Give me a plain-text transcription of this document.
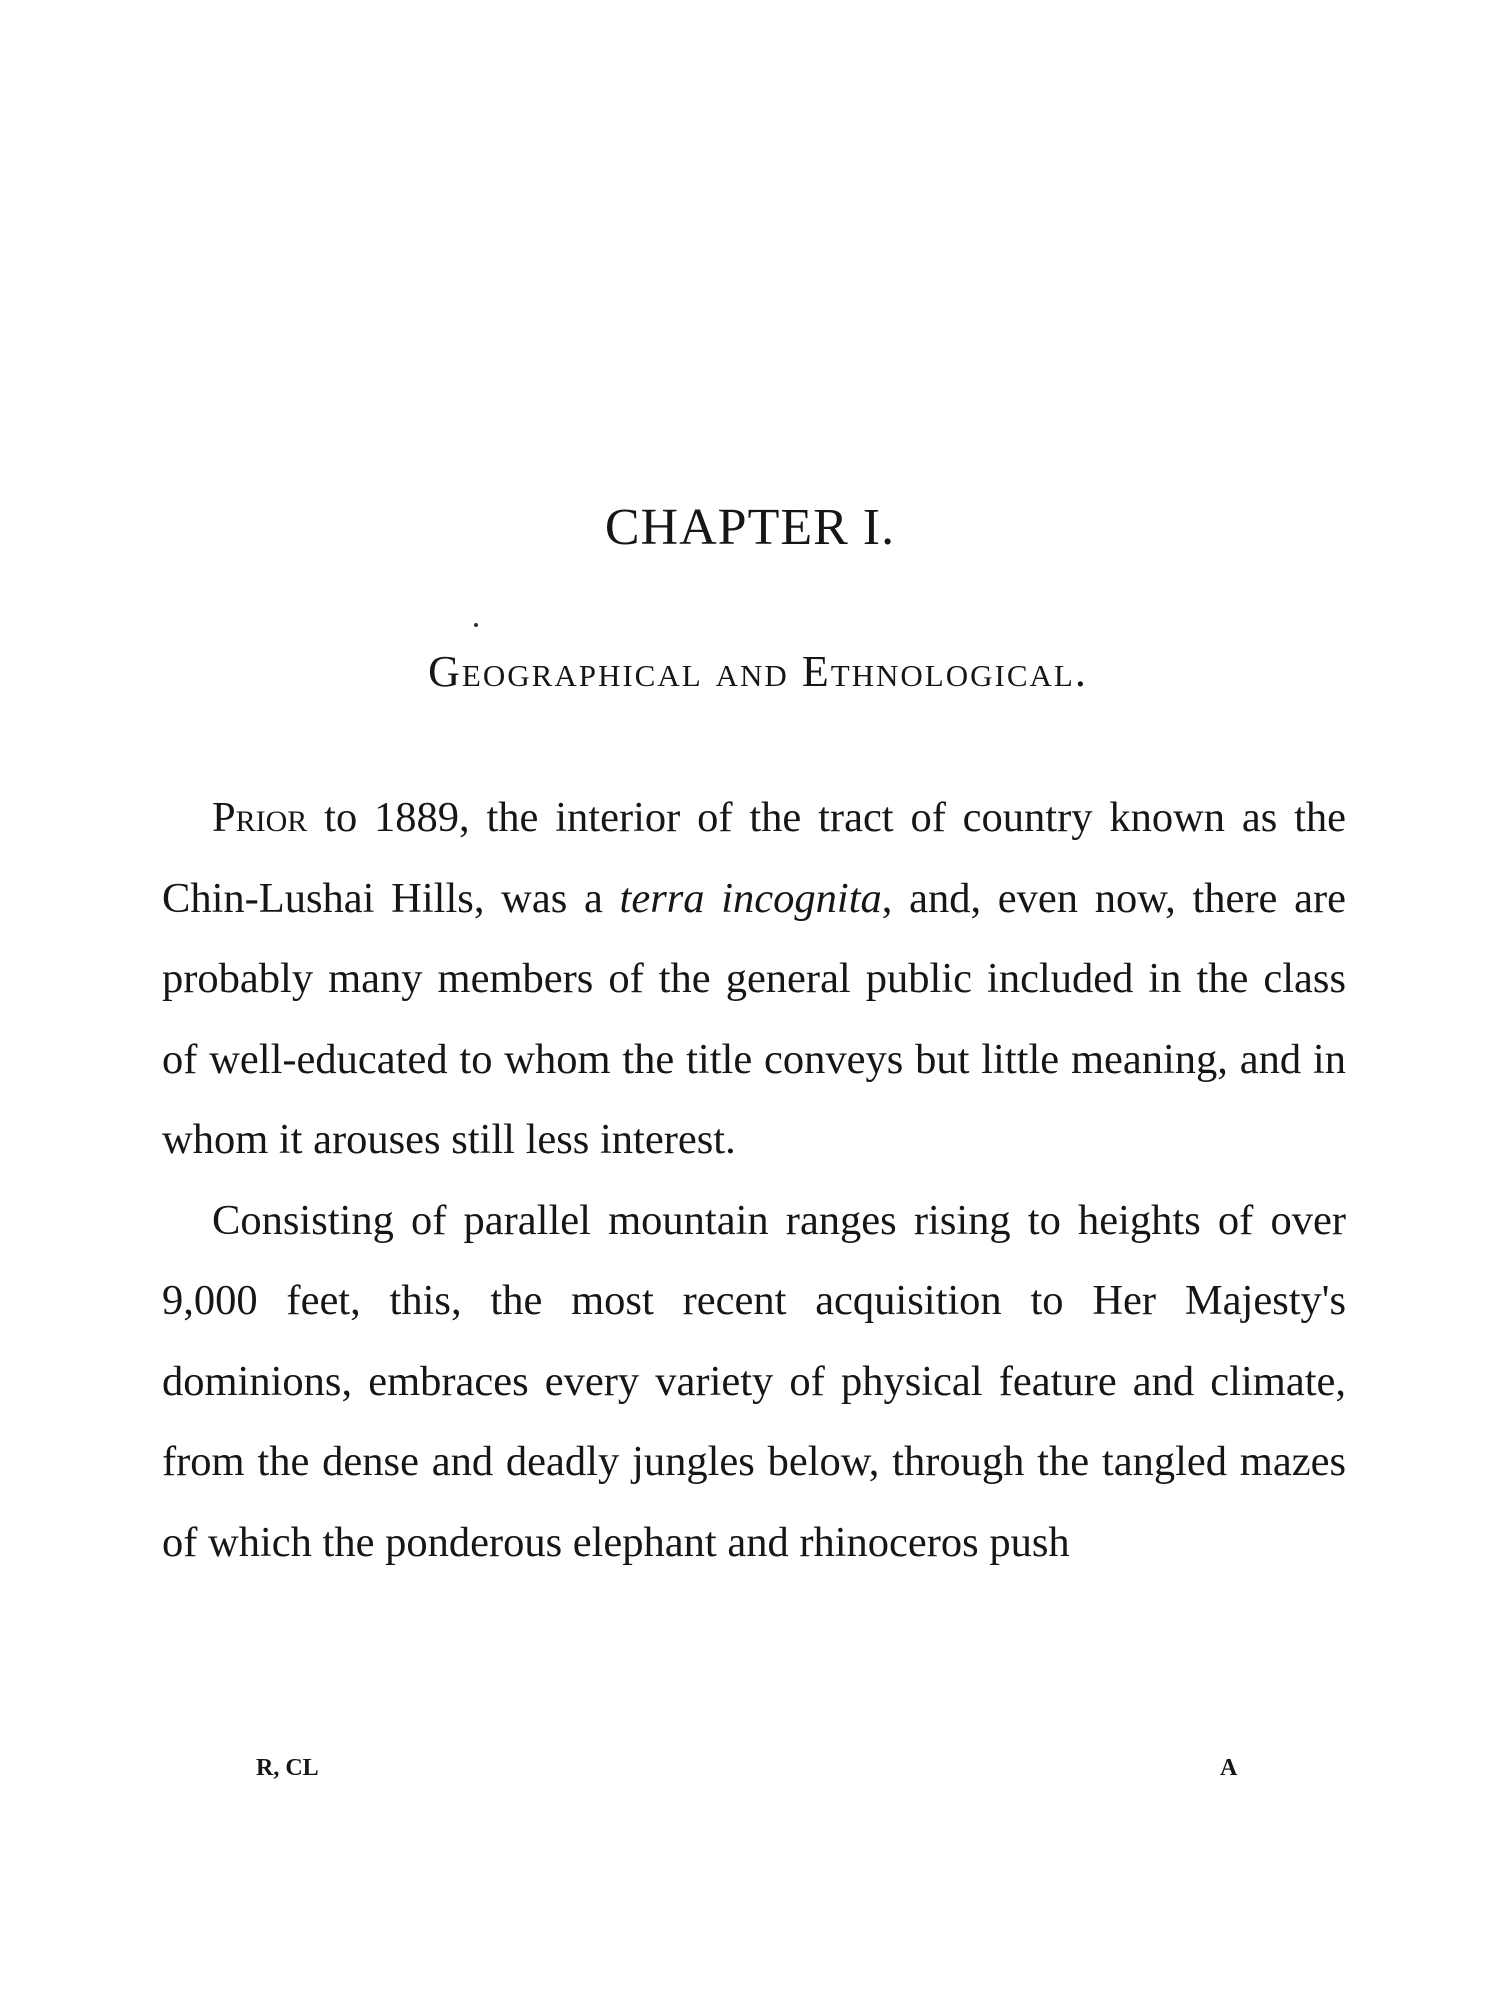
CHAPTER I.
Geographical and Ethnological.

Prior to 1889, the interior of the tract of country known as the Chin-Lushai Hills, was a terra incognita, and, even now, there are probably many members of the general public included in the class of well-educated to whom the title conveys but little meaning, and in whom it arouses still less interest.

Consisting of parallel mountain ranges rising to heights of over 9,000 feet, this, the most recent acquisition to Her Majesty's dominions, embraces every variety of physical feature and climate, from the dense and deadly jungles below, through the tangled mazes of which the ponderous elephant and rhinoceros push

R, CL	A
